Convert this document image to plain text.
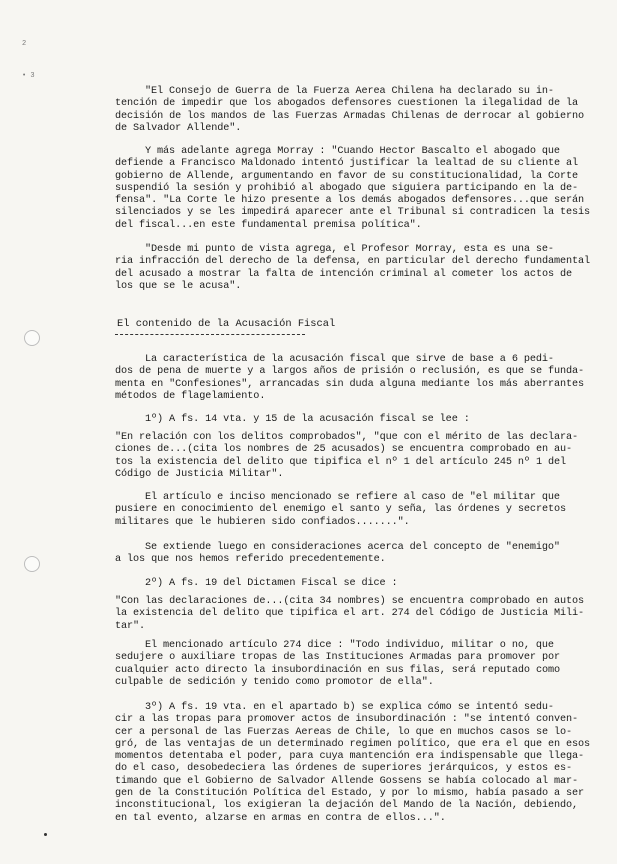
2
• 3
"El Consejo de Guerra de la Fuerza Aerea Chilena ha declarado su in-
tención de impedir que los abogados defensores cuestionen la ilegalidad de la
decisión de los mandos de las Fuerzas Armadas Chilenas de derrocar al gobierno
de Salvador Allende".
Y más adelante agrega Morray : "Cuando Hector Bascalto el abogado que
defiende a Francisco Maldonado intentó justificar la lealtad de su cliente al
gobierno de Allende, argumentando en favor de su constitucionalidad, la Corte
suspendió la sesión y prohibió al abogado que siguiera participando en la de-
fensa". "La Corte le hizo presente a los demás abogados defensores...que serán
silenciados y se les impedirá aparecer ante el Tribunal si contradicen la tesis
del fiscal...en este fundamental premisa política".
"Desde mi punto de vista agrega, el Profesor Morray, esta es una se-
ria infracción del derecho de la defensa, en particular del derecho fundamental
del acusado a mostrar la falta de intención criminal al cometer los actos de
los que se le acusa".
La característica de la acusación fiscal que sirve de base a 6 pedi-
dos de pena de muerte y a largos años de prisión o reclusión, es que se funda-
menta en "Confesiones", arrancadas sin duda alguna mediante los más aberrantes
métodos de flagelamiento.
1º) A fs. 14 vta. y 15 de la acusación fiscal se lee :
"En relación con los delitos comprobados", "que con el mérito de las declara-
ciones de...(cita los nombres de 25 acusados) se encuentra comprobado en au-
tos la existencia del delito que tipifica el nº 1 del artículo 245 nº 1 del
Código de Justicia Militar".
El artículo e inciso mencionado se refiere al caso de "el militar que
pusiere en conocimiento del enemigo el santo y seña, las órdenes y secretos
militares que le hubieren sido confiados.......".
Se extiende luego en consideraciones acerca del concepto de "enemigo"
a los que nos hemos referido precedentemente.
2º) A fs. 19 del Dictamen Fiscal se dice :
"Con las declaraciones de...(cita 34 nombres) se encuentra comprobado en autos
la existencia del delito que tipifica el art. 274 del Código de Justicia Mili-
tar".
El mencionado artículo 274 dice : "Todo individuo, militar o no, que
sedujere o auxiliare tropas de las Instituciones Armadas para promover por
cualquier acto directo la insubordinación en sus filas, será reputado como
culpable de sedición y tenido como promotor de ella".
3º) A fs. 19 vta. en el apartado b) se explica cómo se intentó sedu-
cir a las tropas para promover actos de insubordinación : "se intentó conven-
cer a personal de las Fuerzas Aereas de Chile, lo que en muchos casos se lo-
gró, de las ventajas de un determinado regimen político, que era el que en esos
momentos detentaba el poder, para cuya mantención era indispensable que llega-
do el caso, desobedeciera las órdenes de superiores jerárquicos, y estos es-
timando que el Gobierno de Salvador Allende Gossens se había colocado al mar-
gen de la Constitución Política del Estado, y por lo mismo, había pasado a ser
inconstitucional, los exigieran la dejación del Mando de la Nación, debiendo,
en tal evento, alzarse en armas en contra de ellos...".
El contenido de la Acusación Fiscal
